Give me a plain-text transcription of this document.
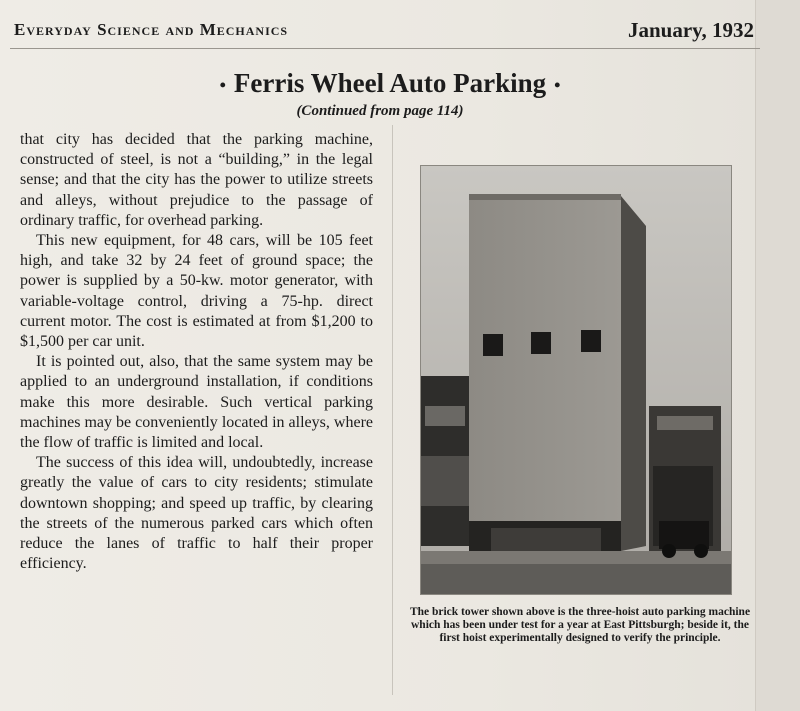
Everyday Science and Mechanics	January, 1932
• Ferris Wheel Auto Parking •
(Continued from page 114)

that city has decided that the parking machine, constructed of steel, is not a “building,” in the legal sense; and that the city has the power to utilize streets and alleys, without prejudice to the passage of ordinary traffic, for overhead parking.

This new equipment, for 48 cars, will be 105 feet high, and take 32 by 24 feet of ground space; the power is supplied by a 50-kw. motor generator, with variable-voltage control, driving a 75-hp. direct current motor. The cost is estimated at from $1,200 to $1,500 per car unit.

It is pointed out, also, that the same system may be applied to an underground installation, if conditions make this more desirable. Such vertical parking machines may be conveniently located in alleys, where the flow of traffic is limited and local.

The success of this idea will, undoubtedly, increase greatly the value of cars to city residents; stimulate downtown shopping; and speed up traffic, by clearing the streets of the numerous parked cars which often reduce the lanes of traffic to half their proper efficiency.

The brick tower shown above is the three-hoist auto parking machine which has been under test for a year at East Pittsburgh; beside it, the first hoist experimentally designed to verify the principle.
